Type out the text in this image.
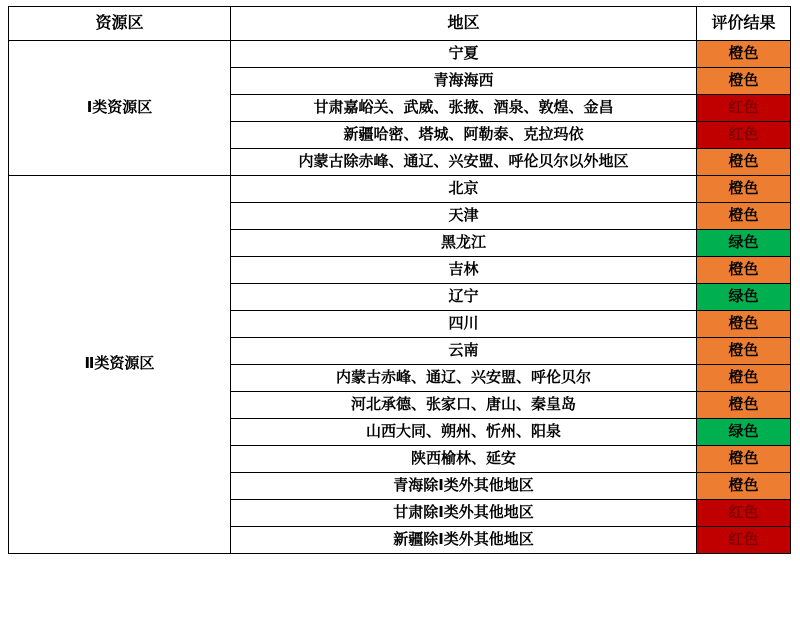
资源区	地区	评价结果
Ⅰ类资源区	宁夏	橙色
	青海海西	橙色
	甘肃嘉峪关、武威、张掖、酒泉、敦煌、金昌	红色
	新疆哈密、塔城、阿勒泰、克拉玛依	红色
	内蒙古除赤峰、通辽、兴安盟、呼伦贝尔以外地区	橙色
Ⅱ类资源区	北京	橙色
	天津	橙色
	黑龙江	绿色
	吉林	橙色
	辽宁	绿色
	四川	橙色
	云南	橙色
	内蒙古赤峰、通辽、兴安盟、呼伦贝尔	橙色
	河北承德、张家口、唐山、秦皇岛	橙色
	山西大同、朔州、忻州、阳泉	绿色
	陕西榆林、延安	橙色
	青海除Ⅰ类外其他地区	橙色
	甘肃除Ⅰ类外其他地区	红色
	新疆除Ⅰ类外其他地区	红色
